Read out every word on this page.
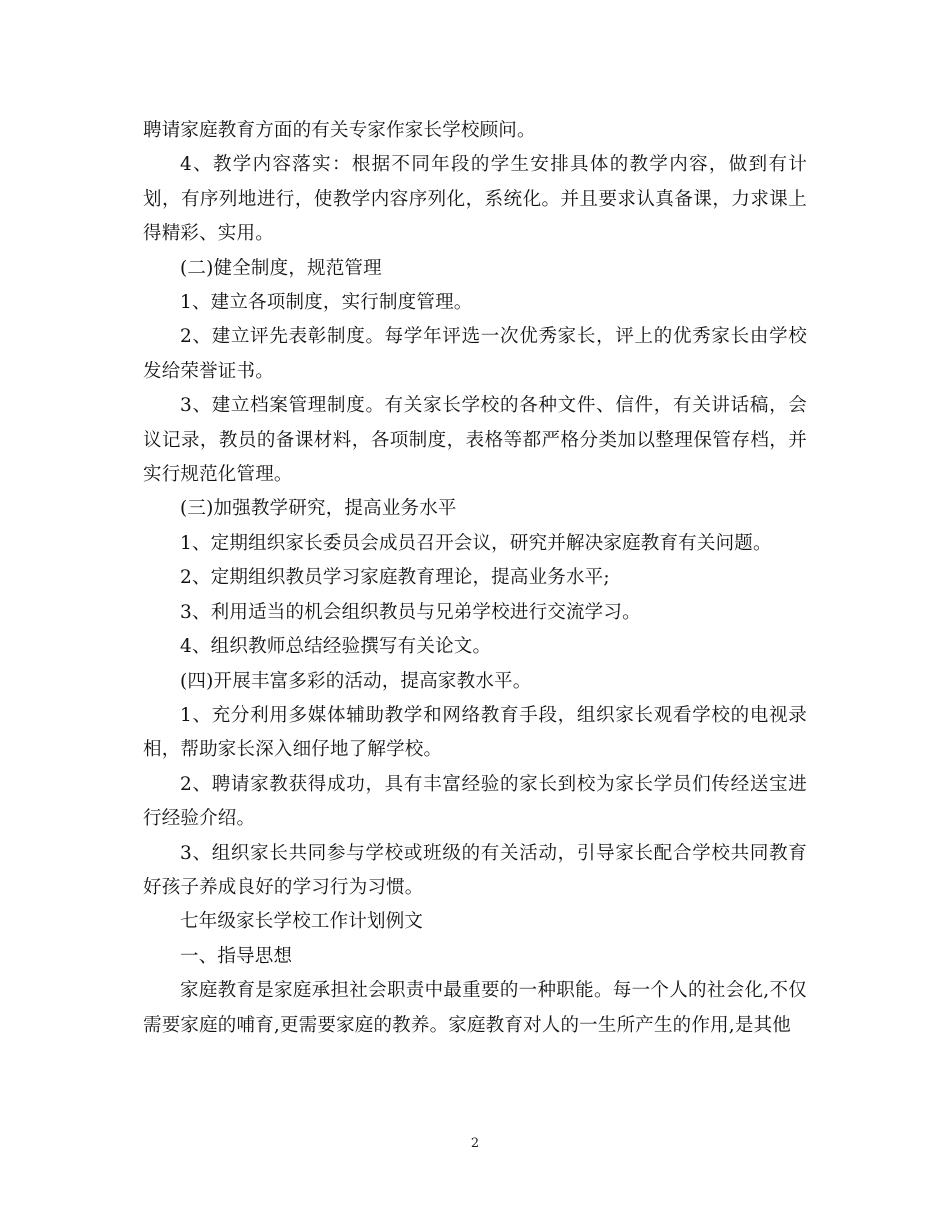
聘请家庭教育方面的有关专家作家长学校顾问。

4、教学内容落实：根据不同年段的学生安排具体的教学内容，做到有计划，有序列地进行，使教学内容序列化，系统化。并且要求认真备课，力求课上得精彩、实用。

(二)健全制度，规范管理

1、建立各项制度，实行制度管理。

2、建立评先表彰制度。每学年评选一次优秀家长，评上的优秀家长由学校发给荣誉证书。

3、建立档案管理制度。有关家长学校的各种文件、信件，有关讲话稿，会议记录，教员的备课材料，各项制度，表格等都严格分类加以整理保管存档，并实行规范化管理。

(三)加强教学研究，提高业务水平

1、定期组织家长委员会成员召开会议，研究并解决家庭教育有关问题。

2、定期组织教员学习家庭教育理论，提高业务水平;

3、利用适当的机会组织教员与兄弟学校进行交流学习。

4、组织教师总结经验撰写有关论文。

(四)开展丰富多彩的活动，提高家教水平。

1、充分利用多媒体辅助教学和网络教育手段，组织家长观看学校的电视录相，帮助家长深入细仔地了解学校。

2、聘请家教获得成功，具有丰富经验的家长到校为家长学员们传经送宝进行经验介绍。

3、组织家长共同参与学校或班级的有关活动，引导家长配合学校共同教育好孩子养成良好的学习行为习惯。

七年级家长学校工作计划例文

一、指导思想

家庭教育是家庭承担社会职责中最重要的一种职能。每一个人的社会化,不仅需要家庭的哺育,更需要家庭的教养。家庭教育对人的一生所产生的作用,是其他

2
